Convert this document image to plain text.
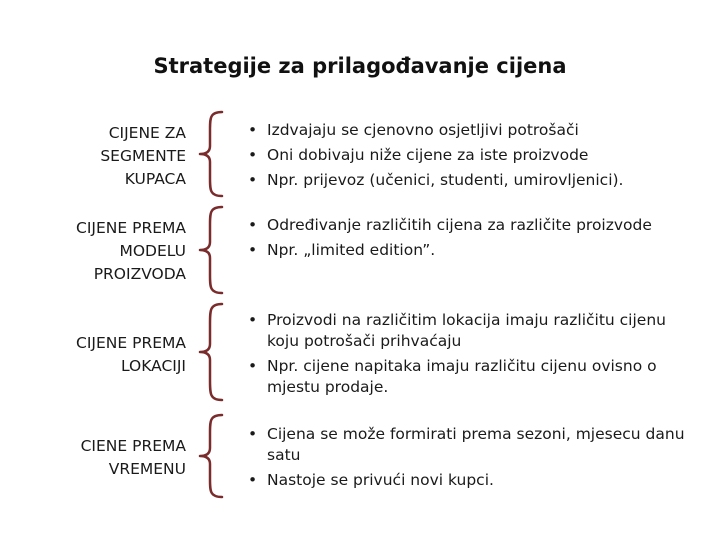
Strategije za prilagođavanje cijena
CIJENE ZA
SEGMENTE
KUPACA
• Izdvajaju se cjenovno osjetljivi potrošači
• Oni dobivaju niže cijene za iste proizvode
• Npr. prijevoz (učenici, studenti, umirovljenici).
CIJENE PREMA
MODELU
PROIZVODA
• Određivanje različitih cijena za različite proizvode
• Npr. „limited edition”.
CIJENE PREMA
LOKACIJI
• Proizvodi na različitim lokacija imaju različitu cijenu koju potrošači prihvaćaju
• Npr. cijene napitaka imaju različitu cijenu ovisno o mjestu prodaje.
CIENE PREMA
VREMENU
• Cijena se može formirati prema sezoni, mjesecu danu satu
• Nastoje se privući novi kupci.
